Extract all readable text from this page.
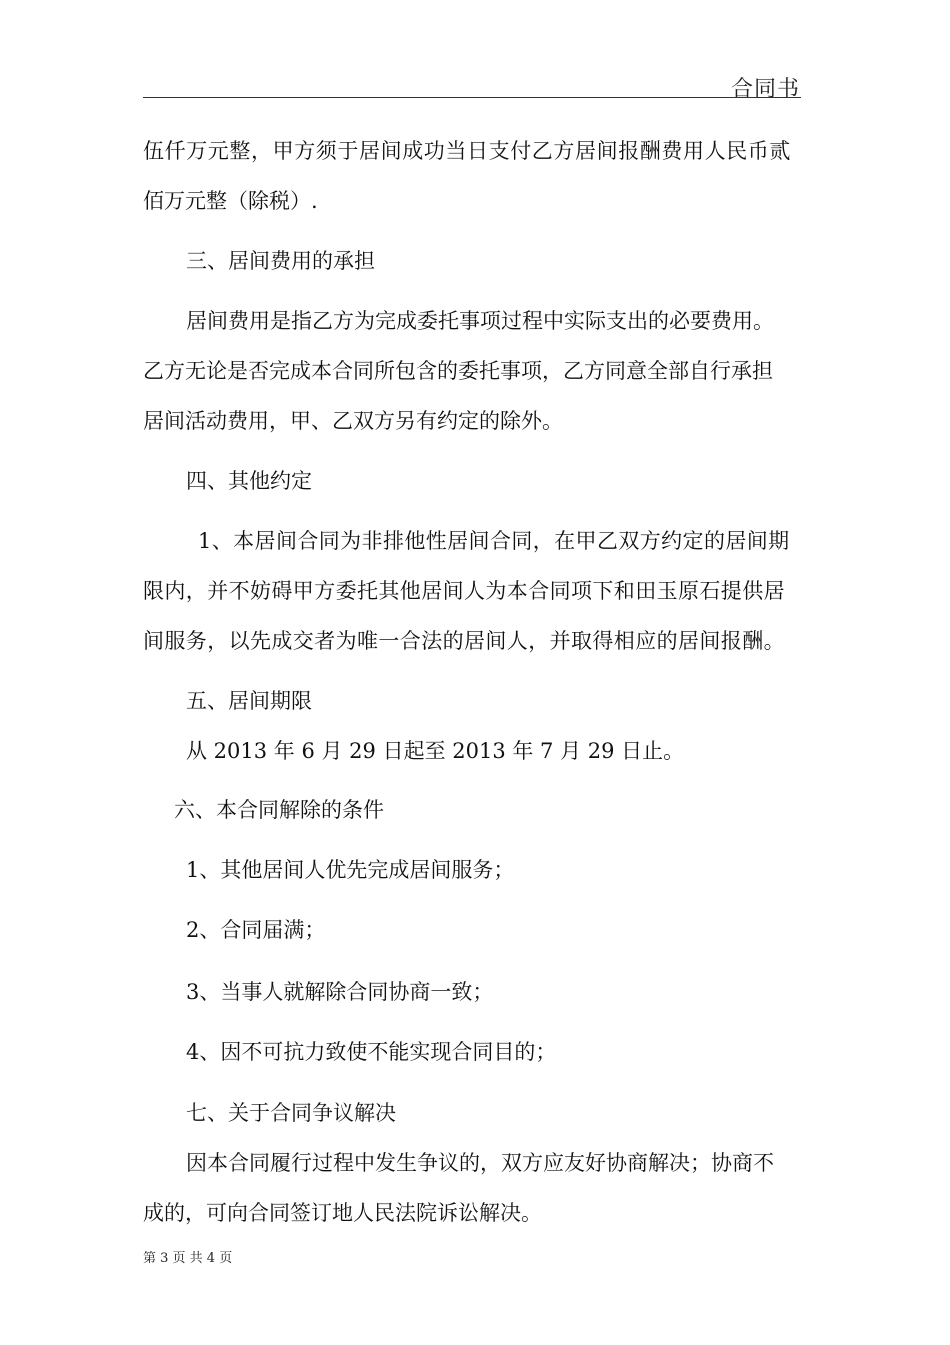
合同书
伍仟万元整，甲方须于居间成功当日支付乙方居间报酬费用人民币贰
佰万元整（除税）.
三、居间费用的承担
居间费用是指乙方为完成委托事项过程中实际支出的必要费用。
乙方无论是否完成本合同所包含的委托事项，乙方同意全部自行承担
居间活动费用，甲、乙双方另有约定的除外。
四、其他约定
1、本居间合同为非排他性居间合同，在甲乙双方约定的居间期
限内，并不妨碍甲方委托其他居间人为本合同项下和田玉原石提供居
间服务，以先成交者为唯一合法的居间人，并取得相应的居间报酬。
五、居间期限
从 2013 年 6 月 29 日起至 2013 年 7 月 29 日止。
六、本合同解除的条件
1、其他居间人优先完成居间服务；
2、合同届满；
3、当事人就解除合同协商一致；
4、因不可抗力致使不能实现合同目的；
七、关于合同争议解决
因本合同履行过程中发生争议的，双方应友好协商解决；协商不
成的，可向合同签订地人民法院诉讼解决。
第 3 页 共 4 页
